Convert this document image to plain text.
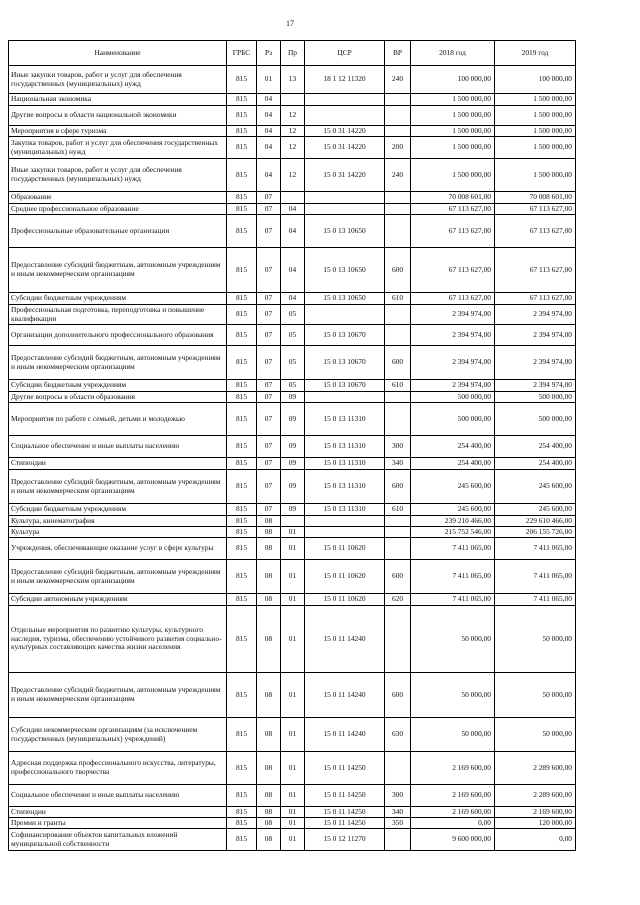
17
Наименование	ГРБС	Рз	Пр	ЦСР	ВР	2018 год	2019 год
Иные закупки товаров, работ и услуг для обеспечения государственных (муниципальных) нужд	815	01	13	18 1 12 11320	240	100 000,00	100 000,00
Национальная экономика	815	04				1 500 000,00	1 500 000,00
Другие вопросы в области национальной экономики	815	04	12			1 500 000,00	1 500 000,00
Мероприятия в сфере туризма	815	04	12	15 0 31 14220		1 500 000,00	1 500 000,00
Закупка товаров, работ и услуг для обеспечения государственных (муниципальных) нужд	815	04	12	15 0 31 14220	200	1 500 000,00	1 500 000,00
Иные закупки товаров, работ и услуг для обеспечения государственных (муниципальных) нужд	815	04	12	15 0 31 14220	240	1 500 000,00	1 500 000,00
Образование	815	07				70 008 601,00	70 008 601,00
Среднее профессиональное образование	815	07	04			67 113 627,00	67 113 627,00
Профессиональные образовательные организации	815	07	04	15 0 13 10650		67 113 627,00	67 113 627,00
Предоставление субсидий бюджетным, автономным учреждениям и иным некоммерческим организациям	815	07	04	15 0 13 10650	600	67 113 627,00	67 113 627,00
Субсидии бюджетным учреждениям	815	07	04	15 0 13 10650	610	67 113 627,00	67 113 627,00
Профессиональная подготовка, переподготовка и повышение квалификации	815	07	05			2 394 974,00	2 394 974,00
Организации дополнительного профессионального образования	815	07	05	15 0 13 10670		2 394 974,00	2 394 974,00
Предоставление субсидий бюджетным, автономным учреждениям и иным некоммерческим организациям	815	07	05	15 0 13 10670	600	2 394 974,00	2 394 974,00
Субсидии бюджетным учреждениям	815	07	05	15 0 13 10670	610	2 394 974,00	2 394 974,00
Другие вопросы в области образования	815	07	09			500 000,00	500 000,00
Мероприятия по работе с семьей, детьми и молодежью	815	07	09	15 0 13 11310		500 000,00	500 000,00
Социальное обеспечение и иные выплаты населению	815	07	09	15 0 13 11310	300	254 400,00	254 400,00
Стипендии	815	07	09	15 0 13 11310	340	254 400,00	254 400,00
Предоставление субсидий бюджетным, автономным учреждениям и иным некоммерческим организациям	815	07	09	15 0 13 11310	600	245 600,00	245 600,00
Субсидии бюджетным учреждениям	815	07	09	15 0 13 11310	610	245 600,00	245 600,00
Культура, кинематография	815	08				239 210 466,00	229 610 466,00
Культура	815	08	01			215 752 546,00	206 155 726,00
Учреждения, обеспечивающие оказание услуг в сфере культуры	815	08	01	15 0 11 10620		7 411 065,00	7 411 065,00
Предоставление субсидий бюджетным, автономным учреждениям и иным некоммерческим организациям	815	08	01	15 0 11 10620	600	7 411 065,00	7 411 065,00
Субсидии автономным учреждениям	815	08	01	15 0 11 10620	620	7 411 065,00	7 411 065,00
Отдельные мероприятия по развитию культуры, культурного наследия, туризма, обеспечению устойчивого развития социально-культурных составляющих качества жизни населения	815	08	01	15 0 11 14240		50 000,00	50 000,00
Предоставление субсидий бюджетным, автономным учреждениям и иным некоммерческим организациям	815	08	01	15 0 11 14240	600	50 000,00	50 000,00
Субсидии некоммерческим организациям (за исключением государственных (муниципальных) учреждений)	815	08	01	15 0 11 14240	630	50 000,00	50 000,00
Адресная поддержка профессионального искусства, литературы, профессионального творчества	815	08	01	15 0 11 14250		2 169 600,00	2 289 600,00
Социальное обеспечение и иные выплаты населению	815	08	01	15 0 11 14250	300	2 169 600,00	2 289 600,00
Стипендии	815	08	01	15 0 11 14250	340	2 169 600,00	2 169 600,00
Премии и гранты	815	08	01	15 0 11 14250	350	0,00	120 000,00
Софинансирование объектов капитальных вложений муниципальной собственности	815	08	01	15 0 12 11270		9 600 000,00	0,00
